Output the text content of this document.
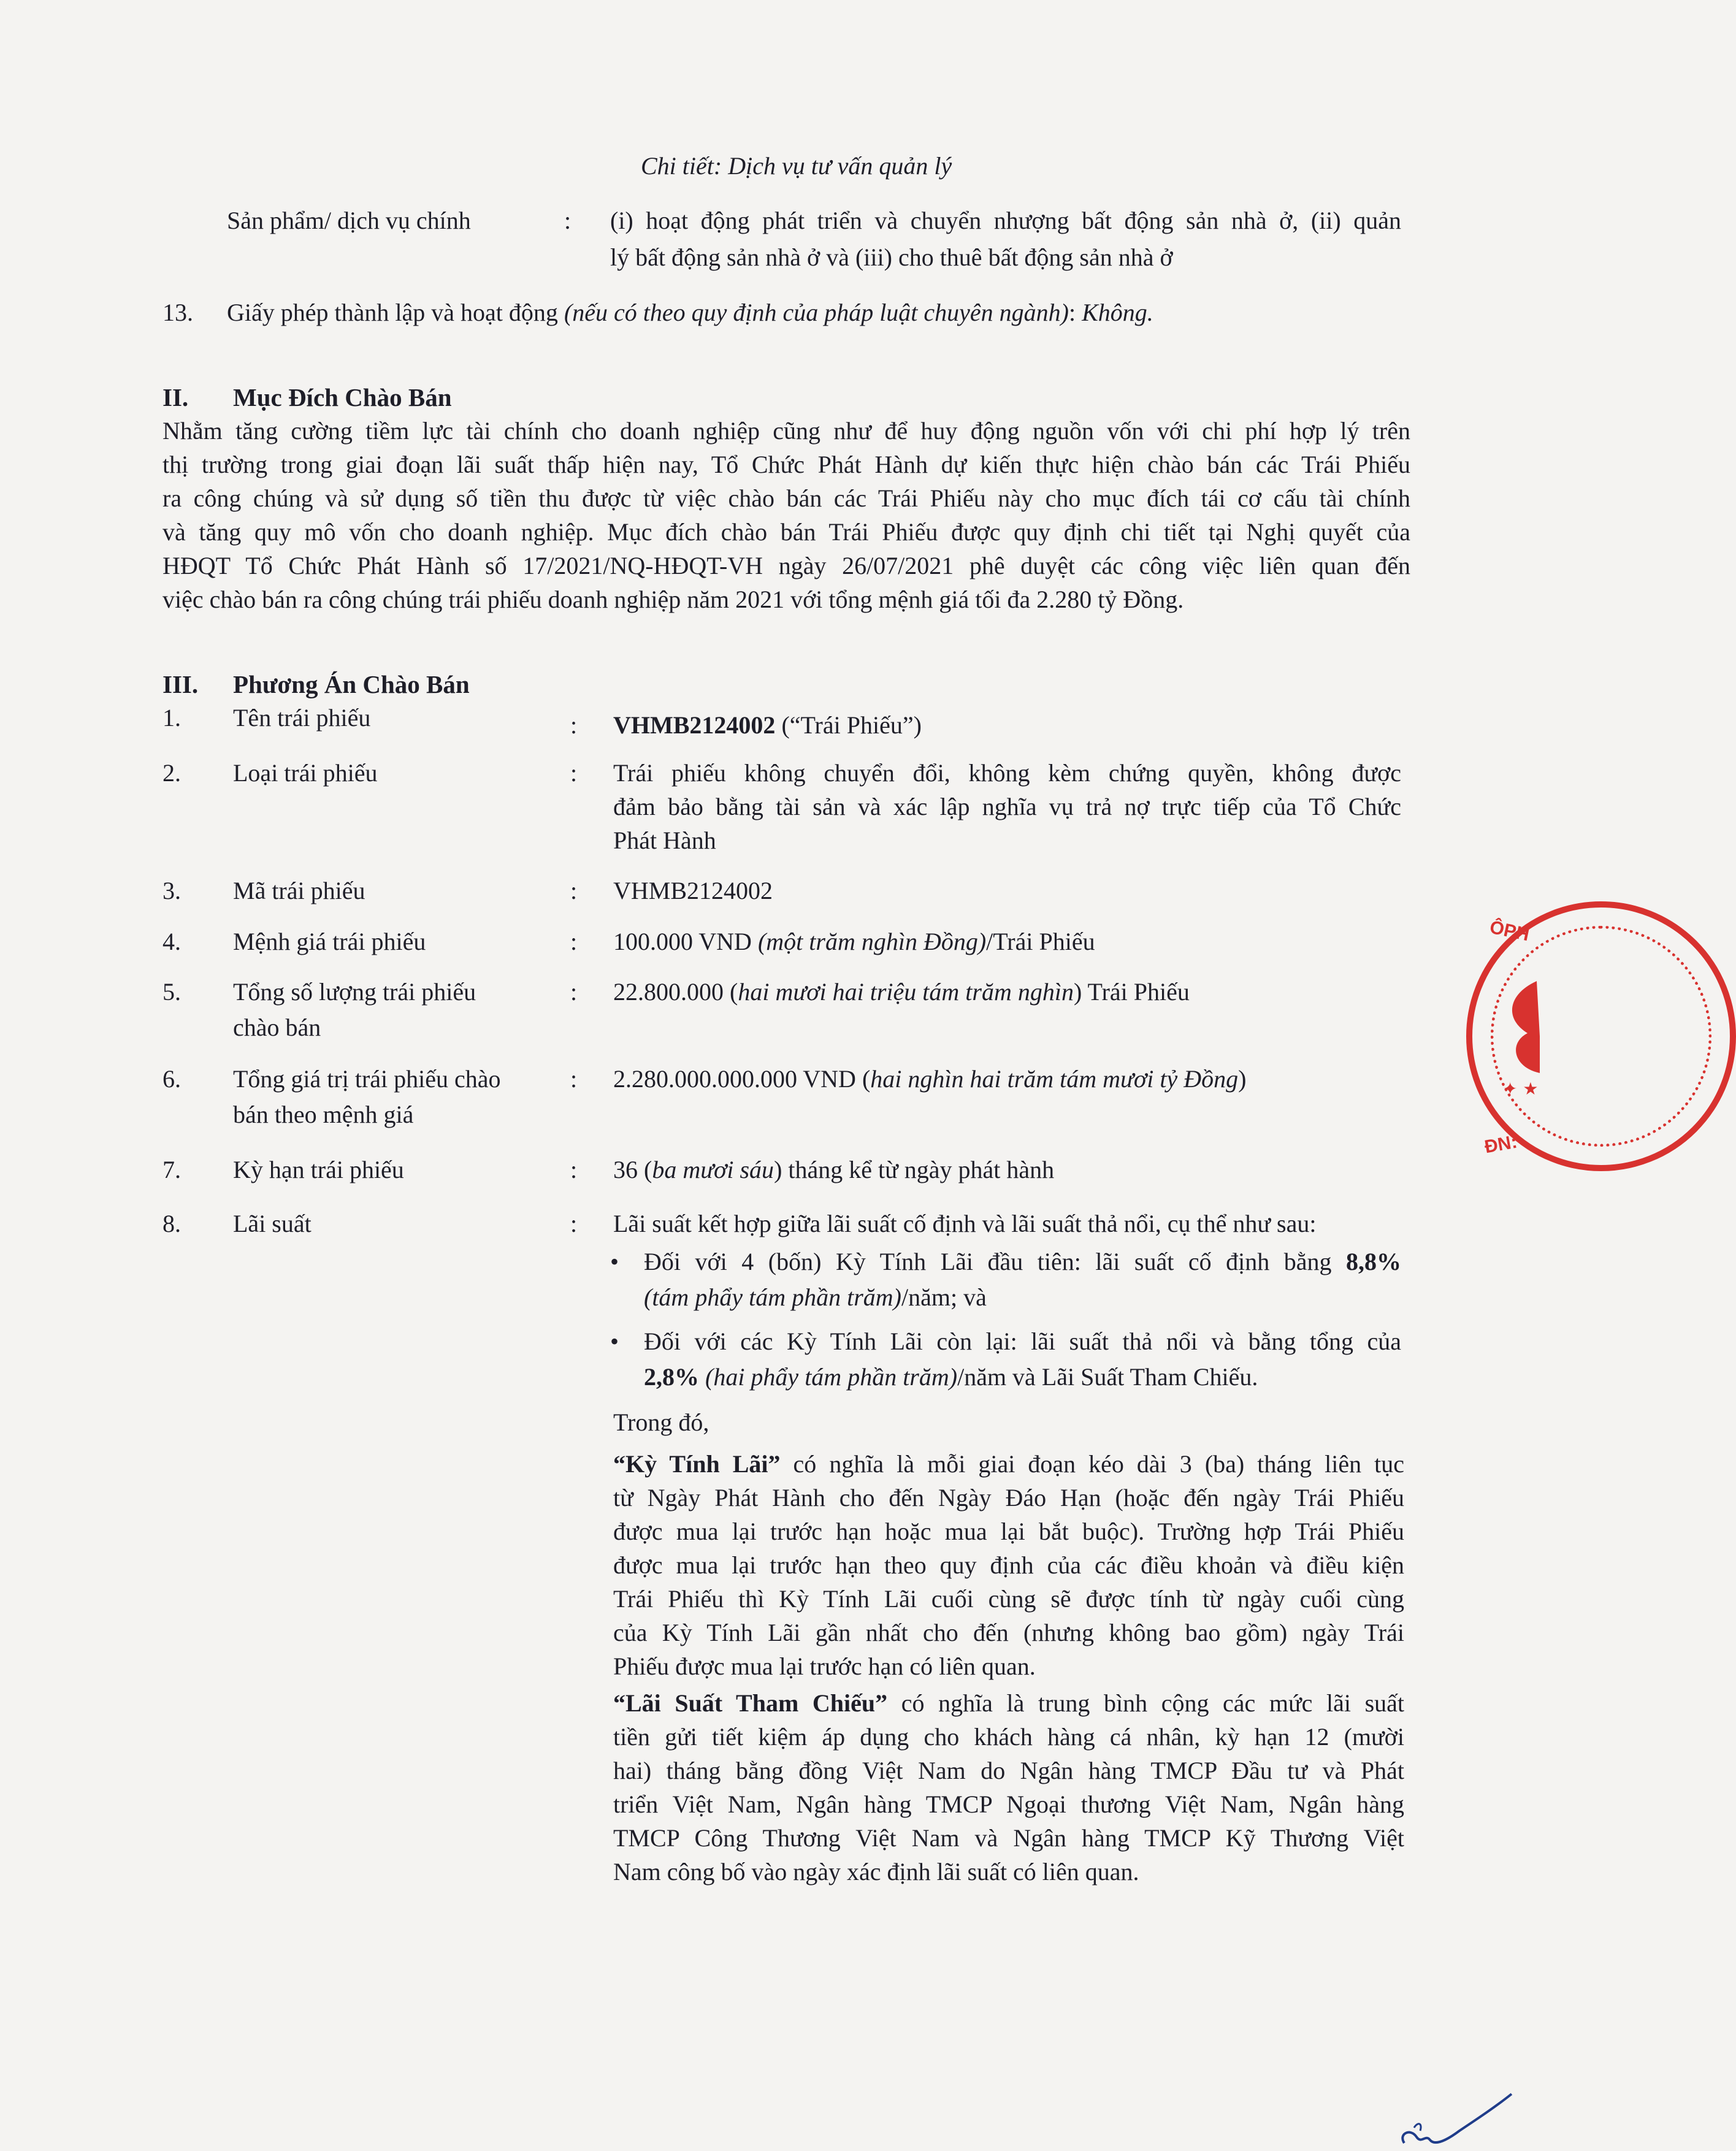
Chi tiết: Dịch vụ tư vấn quản lý
Sản phẩm/ dịch vụ chính	: (i) hoạt động phát triển và chuyển nhượng bất động sản nhà ở, (ii) quản
lý bất động sản nhà ở và (iii) cho thuê bất động sản nhà ở
13. Giấy phép thành lập và hoạt động (nếu có theo quy định của pháp luật chuyên ngành): Không.
II. Mục Đích Chào Bán
Nhằm tăng cường tiềm lực tài chính cho doanh nghiệp cũng như để huy động nguồn vốn với chi phí hợp lý trên
thị trường trong giai đoạn lãi suất thấp hiện nay, Tổ Chức Phát Hành dự kiến thực hiện chào bán các Trái Phiếu
ra công chúng và sử dụng số tiền thu được từ việc chào bán các Trái Phiếu này cho mục đích tái cơ cấu tài chính
và tăng quy mô vốn cho doanh nghiệp. Mục đích chào bán Trái Phiếu được quy định chi tiết tại Nghị quyết của
HĐQT Tổ Chức Phát Hành số 17/2021/NQ-HĐQT-VH ngày 26/07/2021 phê duyệt các công việc liên quan đến
việc chào bán ra công chúng trái phiếu doanh nghiệp năm 2021 với tổng mệnh giá tối đa 2.280 tỷ Đồng.
III. Phương Án Chào Bán
1. Tên trái phiếu	: VHMB2124002 (“Trái Phiếu”)
2. Loại trái phiếu	: Trái phiếu không chuyển đổi, không kèm chứng quyền, không được
đảm bảo bằng tài sản và xác lập nghĩa vụ trả nợ trực tiếp của Tổ Chức
Phát Hành
3. Mã trái phiếu	: VHMB2124002
4. Mệnh giá trái phiếu	: 100.000 VND (một trăm nghìn Đồng)/Trái Phiếu
5. Tổng số lượng trái phiếu
chào bán
: 22.800.000 (hai mươi hai triệu tám trăm nghìn) Trái Phiếu
6. Tổng giá trị trái phiếu chào
bán theo mệnh giá
: 2.280.000.000.000 VND (hai nghìn hai trăm tám mươi tỷ Đồng)
7. Kỳ hạn trái phiếu	: 36 (ba mươi sáu) tháng kể từ ngày phát hành
8. Lãi suất	: Lãi suất kết hợp giữa lãi suất cố định và lãi suất thả nổi, cụ thể như sau:
• Đối với 4 (bốn) Kỳ Tính Lãi đầu tiên: lãi suất cố định bằng 8,8%
(tám phẩy tám phần trăm)/năm; và
• Đối với các Kỳ Tính Lãi còn lại: lãi suất thả nổi và bằng tổng của
2,8% (hai phẩy tám phần trăm)/năm và Lãi Suất Tham Chiếu.
Trong đó,
“Kỳ Tính Lãi” có nghĩa là mỗi giai đoạn kéo dài 3 (ba) tháng liên tục
từ Ngày Phát Hành cho đến Ngày Đáo Hạn (hoặc đến ngày Trái Phiếu
được mua lại trước hạn hoặc mua lại bắt buộc). Trường hợp Trái Phiếu
được mua lại trước hạn theo quy định của các điều khoản và điều kiện
Trái Phiếu thì Kỳ Tính Lãi cuối cùng sẽ được tính từ ngày cuối cùng
của Kỳ Tính Lãi gần nhất cho đến (nhưng không bao gồm) ngày Trái
Phiếu được mua lại trước hạn có liên quan.
“Lãi Suất Tham Chiếu” có nghĩa là trung bình cộng các mức lãi suất
tiền gửi tiết kiệm áp dụng cho khách hàng cá nhân, kỳ hạn 12 (mười
hai) tháng bằng đồng Việt Nam do Ngân hàng TMCP Đầu tư và Phát
triển Việt Nam, Ngân hàng TMCP Ngoại thương Việt Nam, Ngân hàng
TMCP Công Thương Việt Nam và Ngân hàng TMCP Kỹ Thương Việt
Nam công bố vào ngày xác định lãi suất có liên quan.
ÔPH
✦ ★
ĐN:
